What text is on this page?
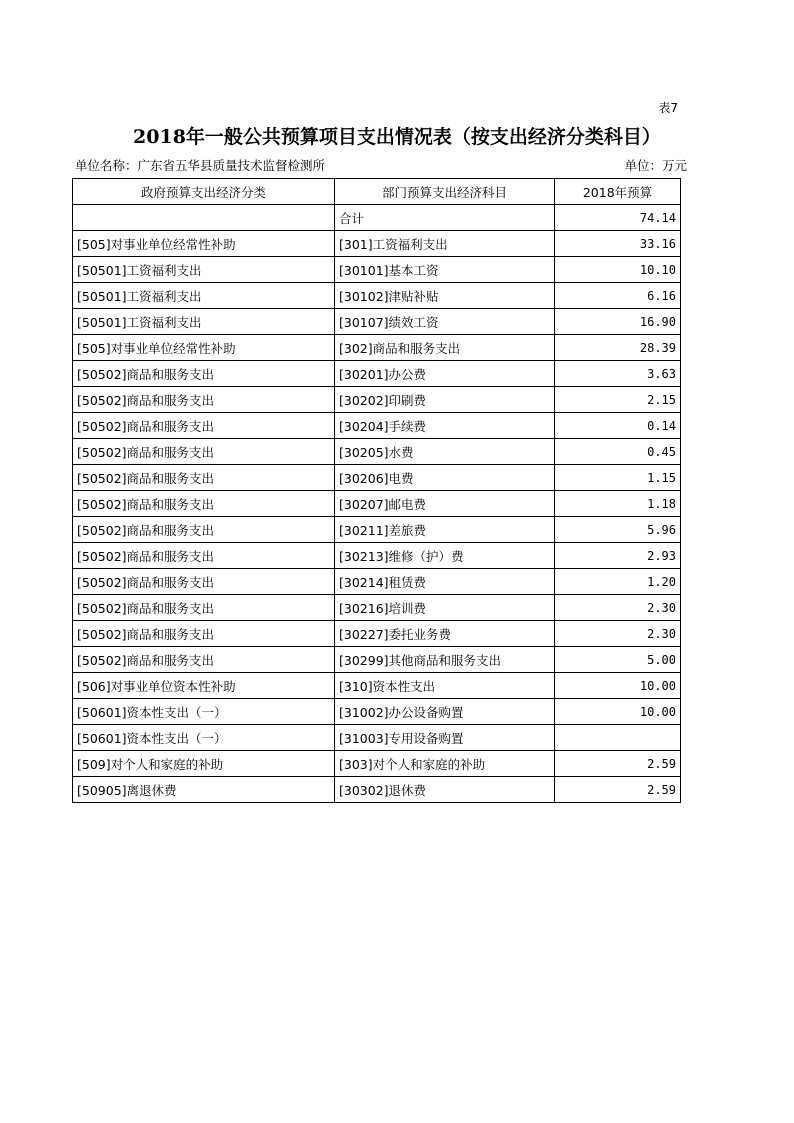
表7
2018年一般公共预算项目支出情况表（按支出经济分类科目）
单位名称：广东省五华县质量技术监督检测所	单位：万元
政府预算支出经济分类	部门预算支出经济科目	2018年预算
	合计	74.14
[505]对事业单位经常性补助	[301]工资福利支出	33.16
[50501]工资福利支出	[30101]基本工资	10.10
[50501]工资福利支出	[30102]津贴补贴	6.16
[50501]工资福利支出	[30107]绩效工资	16.90
[505]对事业单位经常性补助	[302]商品和服务支出	28.39
[50502]商品和服务支出	[30201]办公费	3.63
[50502]商品和服务支出	[30202]印刷费	2.15
[50502]商品和服务支出	[30204]手续费	0.14
[50502]商品和服务支出	[30205]水费	0.45
[50502]商品和服务支出	[30206]电费	1.15
[50502]商品和服务支出	[30207]邮电费	1.18
[50502]商品和服务支出	[30211]差旅费	5.96
[50502]商品和服务支出	[30213]维修（护）费	2.93
[50502]商品和服务支出	[30214]租赁费	1.20
[50502]商品和服务支出	[30216]培训费	2.30
[50502]商品和服务支出	[30227]委托业务费	2.30
[50502]商品和服务支出	[30299]其他商品和服务支出	5.00
[506]对事业单位资本性补助	[310]资本性支出	10.00
[50601]资本性支出（一）	[31002]办公设备购置	10.00
[50601]资本性支出（一）	[31003]专用设备购置	
[509]对个人和家庭的补助	[303]对个人和家庭的补助	2.59
[50905]离退休费	[30302]退休费	2.59
